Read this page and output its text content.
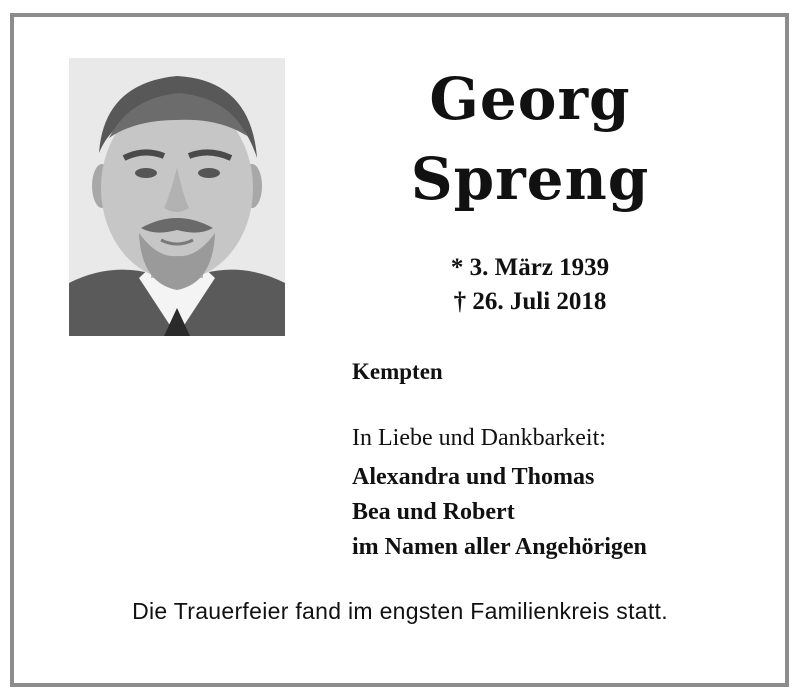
Georg
Spreng
* 3. März 1939
† 26. Juli 2018
Kempten
In Liebe und Dankbarkeit:
Alexandra und Thomas
Bea und Robert
im Namen aller Angehörigen
Die Trauerfeier fand im engsten Familienkreis statt.
